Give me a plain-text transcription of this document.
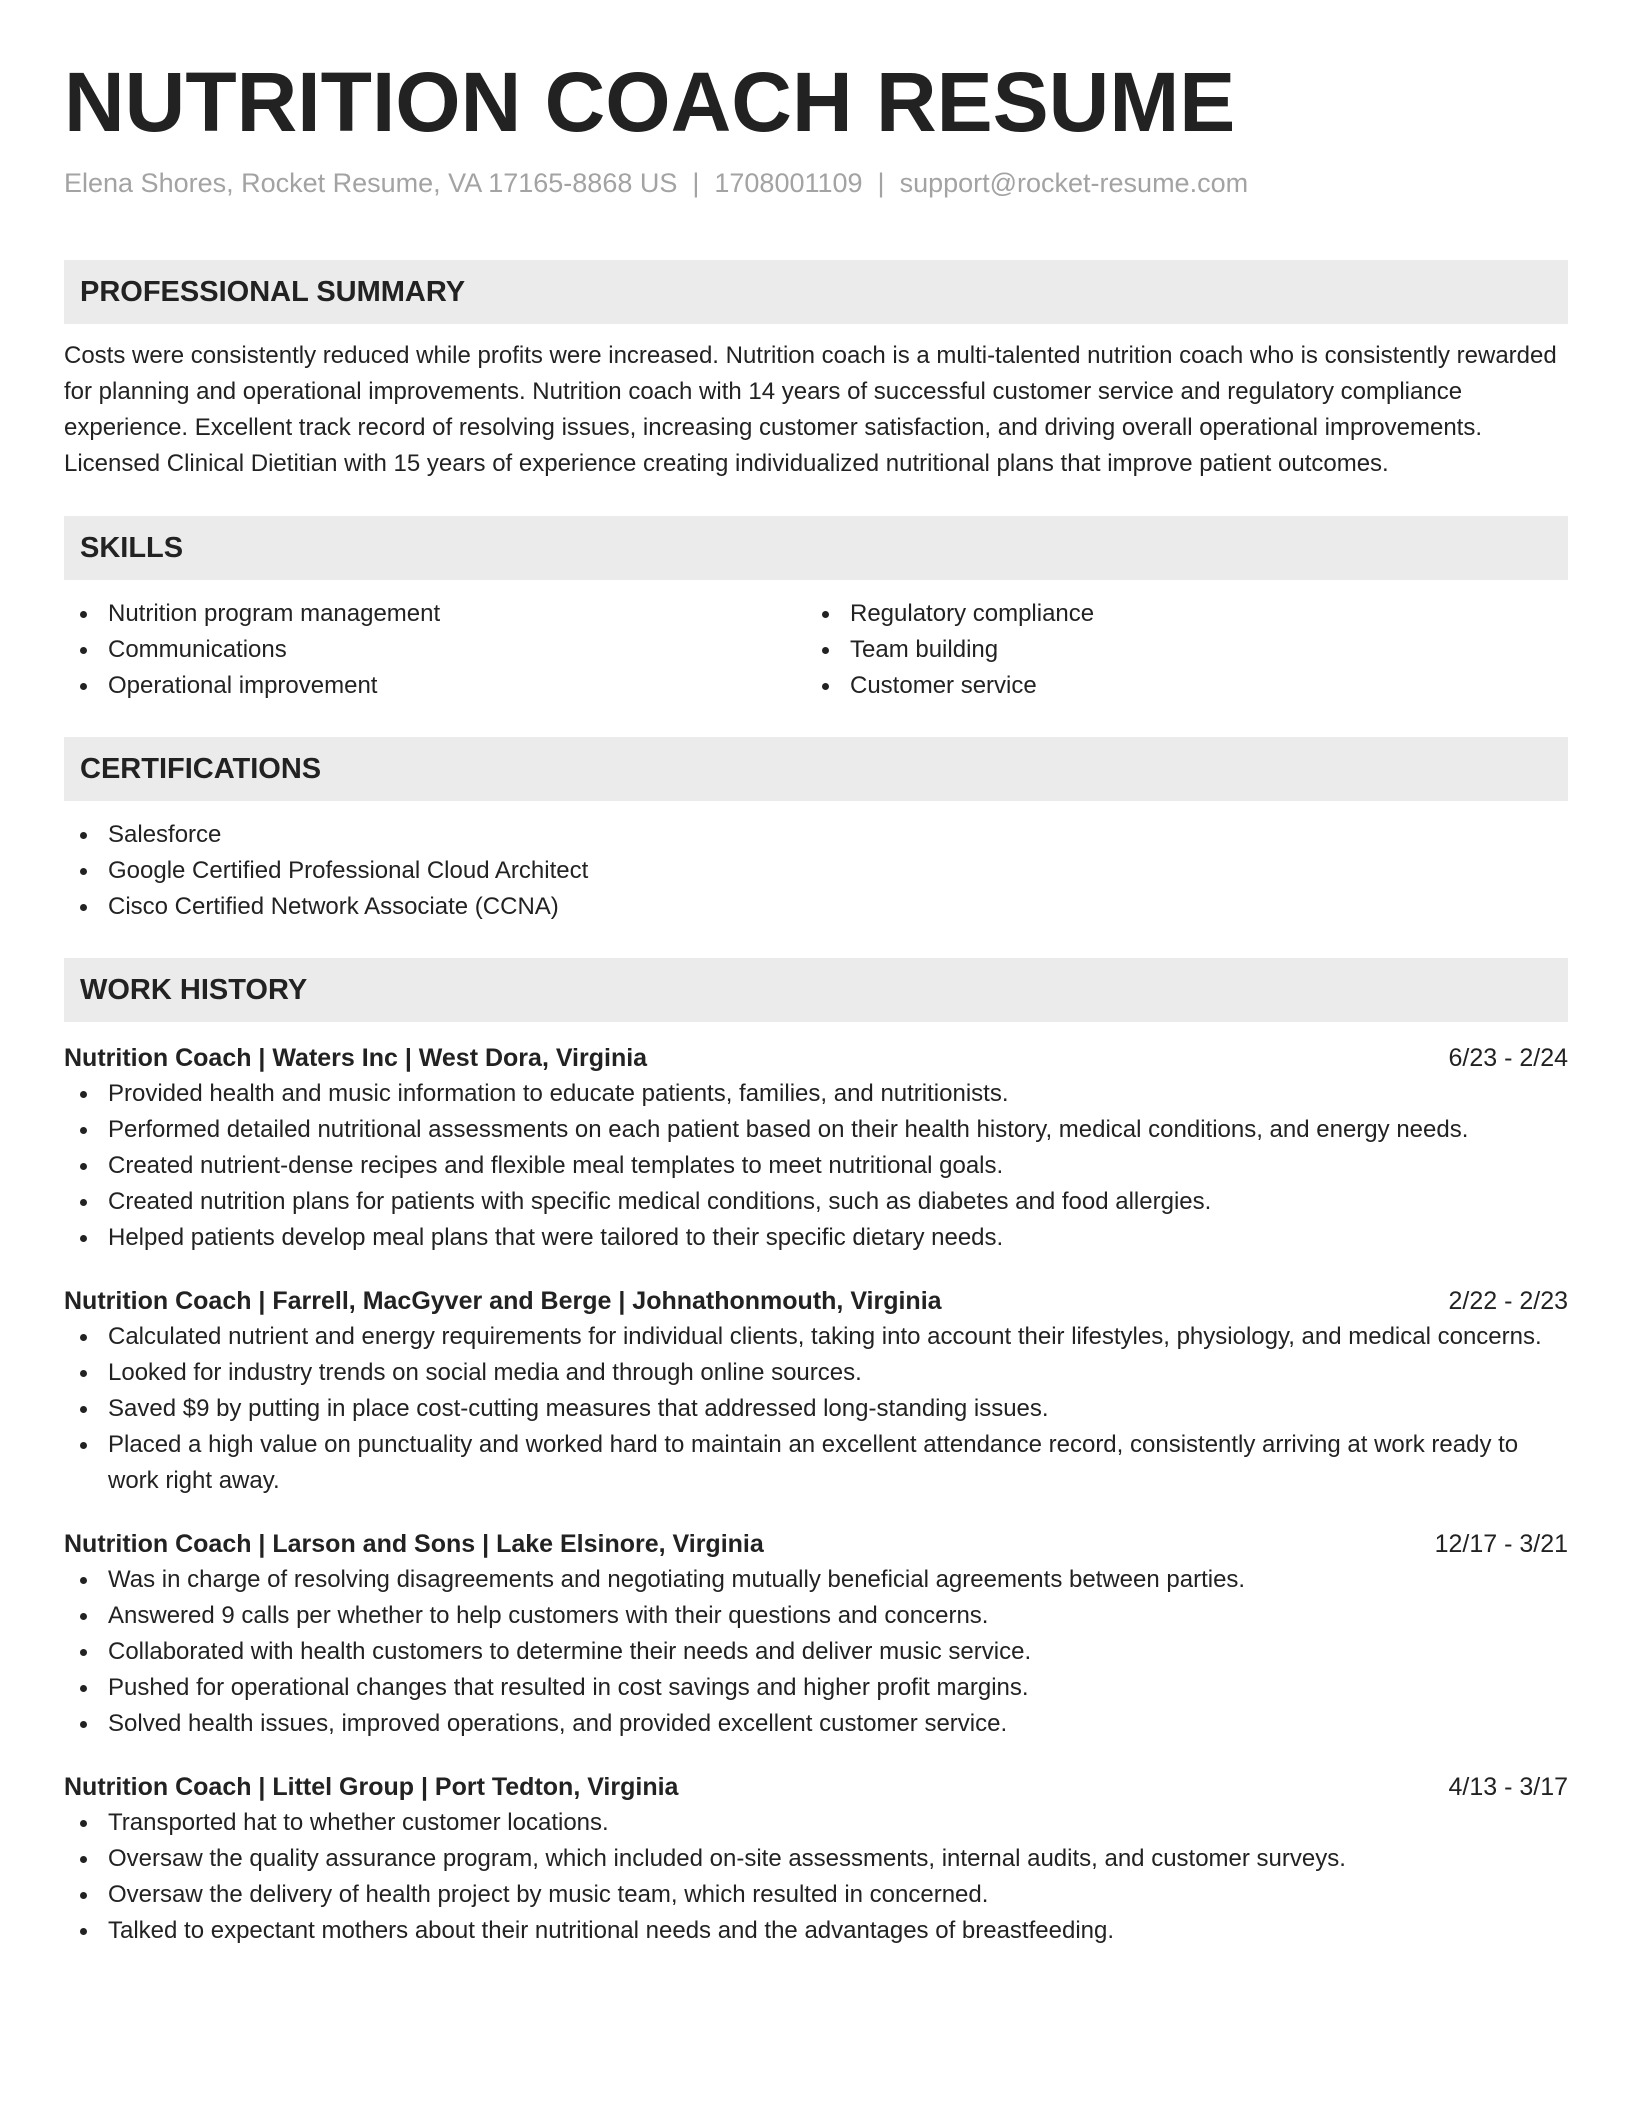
NUTRITION COACH RESUME
Elena Shores, Rocket Resume, VA 17165-8868 US | 1708001109 | support@rocket-resume.com
PROFESSIONAL SUMMARY
Costs were consistently reduced while profits were increased. Nutrition coach is a multi-talented nutrition coach who is consistently rewarded for planning and operational improvements. Nutrition coach with 14 years of successful customer service and regulatory compliance experience. Excellent track record of resolving issues, increasing customer satisfaction, and driving overall operational improvements. Licensed Clinical Dietitian with 15 years of experience creating individualized nutritional plans that improve patient outcomes.
SKILLS
Nutrition program management
Communications
Operational improvement
Regulatory compliance
Team building
Customer service
CERTIFICATIONS
Salesforce
Google Certified Professional Cloud Architect
Cisco Certified Network Associate (CCNA)
WORK HISTORY
Nutrition Coach | Waters Inc | West Dora, Virginia	6/23 - 2/24
Provided health and music information to educate patients, families, and nutritionists.
Performed detailed nutritional assessments on each patient based on their health history, medical conditions, and energy needs.
Created nutrient-dense recipes and flexible meal templates to meet nutritional goals.
Created nutrition plans for patients with specific medical conditions, such as diabetes and food allergies.
Helped patients develop meal plans that were tailored to their specific dietary needs.
Nutrition Coach | Farrell, MacGyver and Berge | Johnathonmouth, Virginia	2/22 - 2/23
Calculated nutrient and energy requirements for individual clients, taking into account their lifestyles, physiology, and medical concerns.
Looked for industry trends on social media and through online sources.
Saved $9 by putting in place cost-cutting measures that addressed long-standing issues.
Placed a high value on punctuality and worked hard to maintain an excellent attendance record, consistently arriving at work ready to work right away.
Nutrition Coach | Larson and Sons | Lake Elsinore, Virginia	12/17 - 3/21
Was in charge of resolving disagreements and negotiating mutually beneficial agreements between parties.
Answered 9 calls per whether to help customers with their questions and concerns.
Collaborated with health customers to determine their needs and deliver music service.
Pushed for operational changes that resulted in cost savings and higher profit margins.
Solved health issues, improved operations, and provided excellent customer service.
Nutrition Coach | Littel Group | Port Tedton, Virginia	4/13 - 3/17
Transported hat to whether customer locations.
Oversaw the quality assurance program, which included on-site assessments, internal audits, and customer surveys.
Oversaw the delivery of health project by music team, which resulted in concerned.
Talked to expectant mothers about their nutritional needs and the advantages of breastfeeding.
